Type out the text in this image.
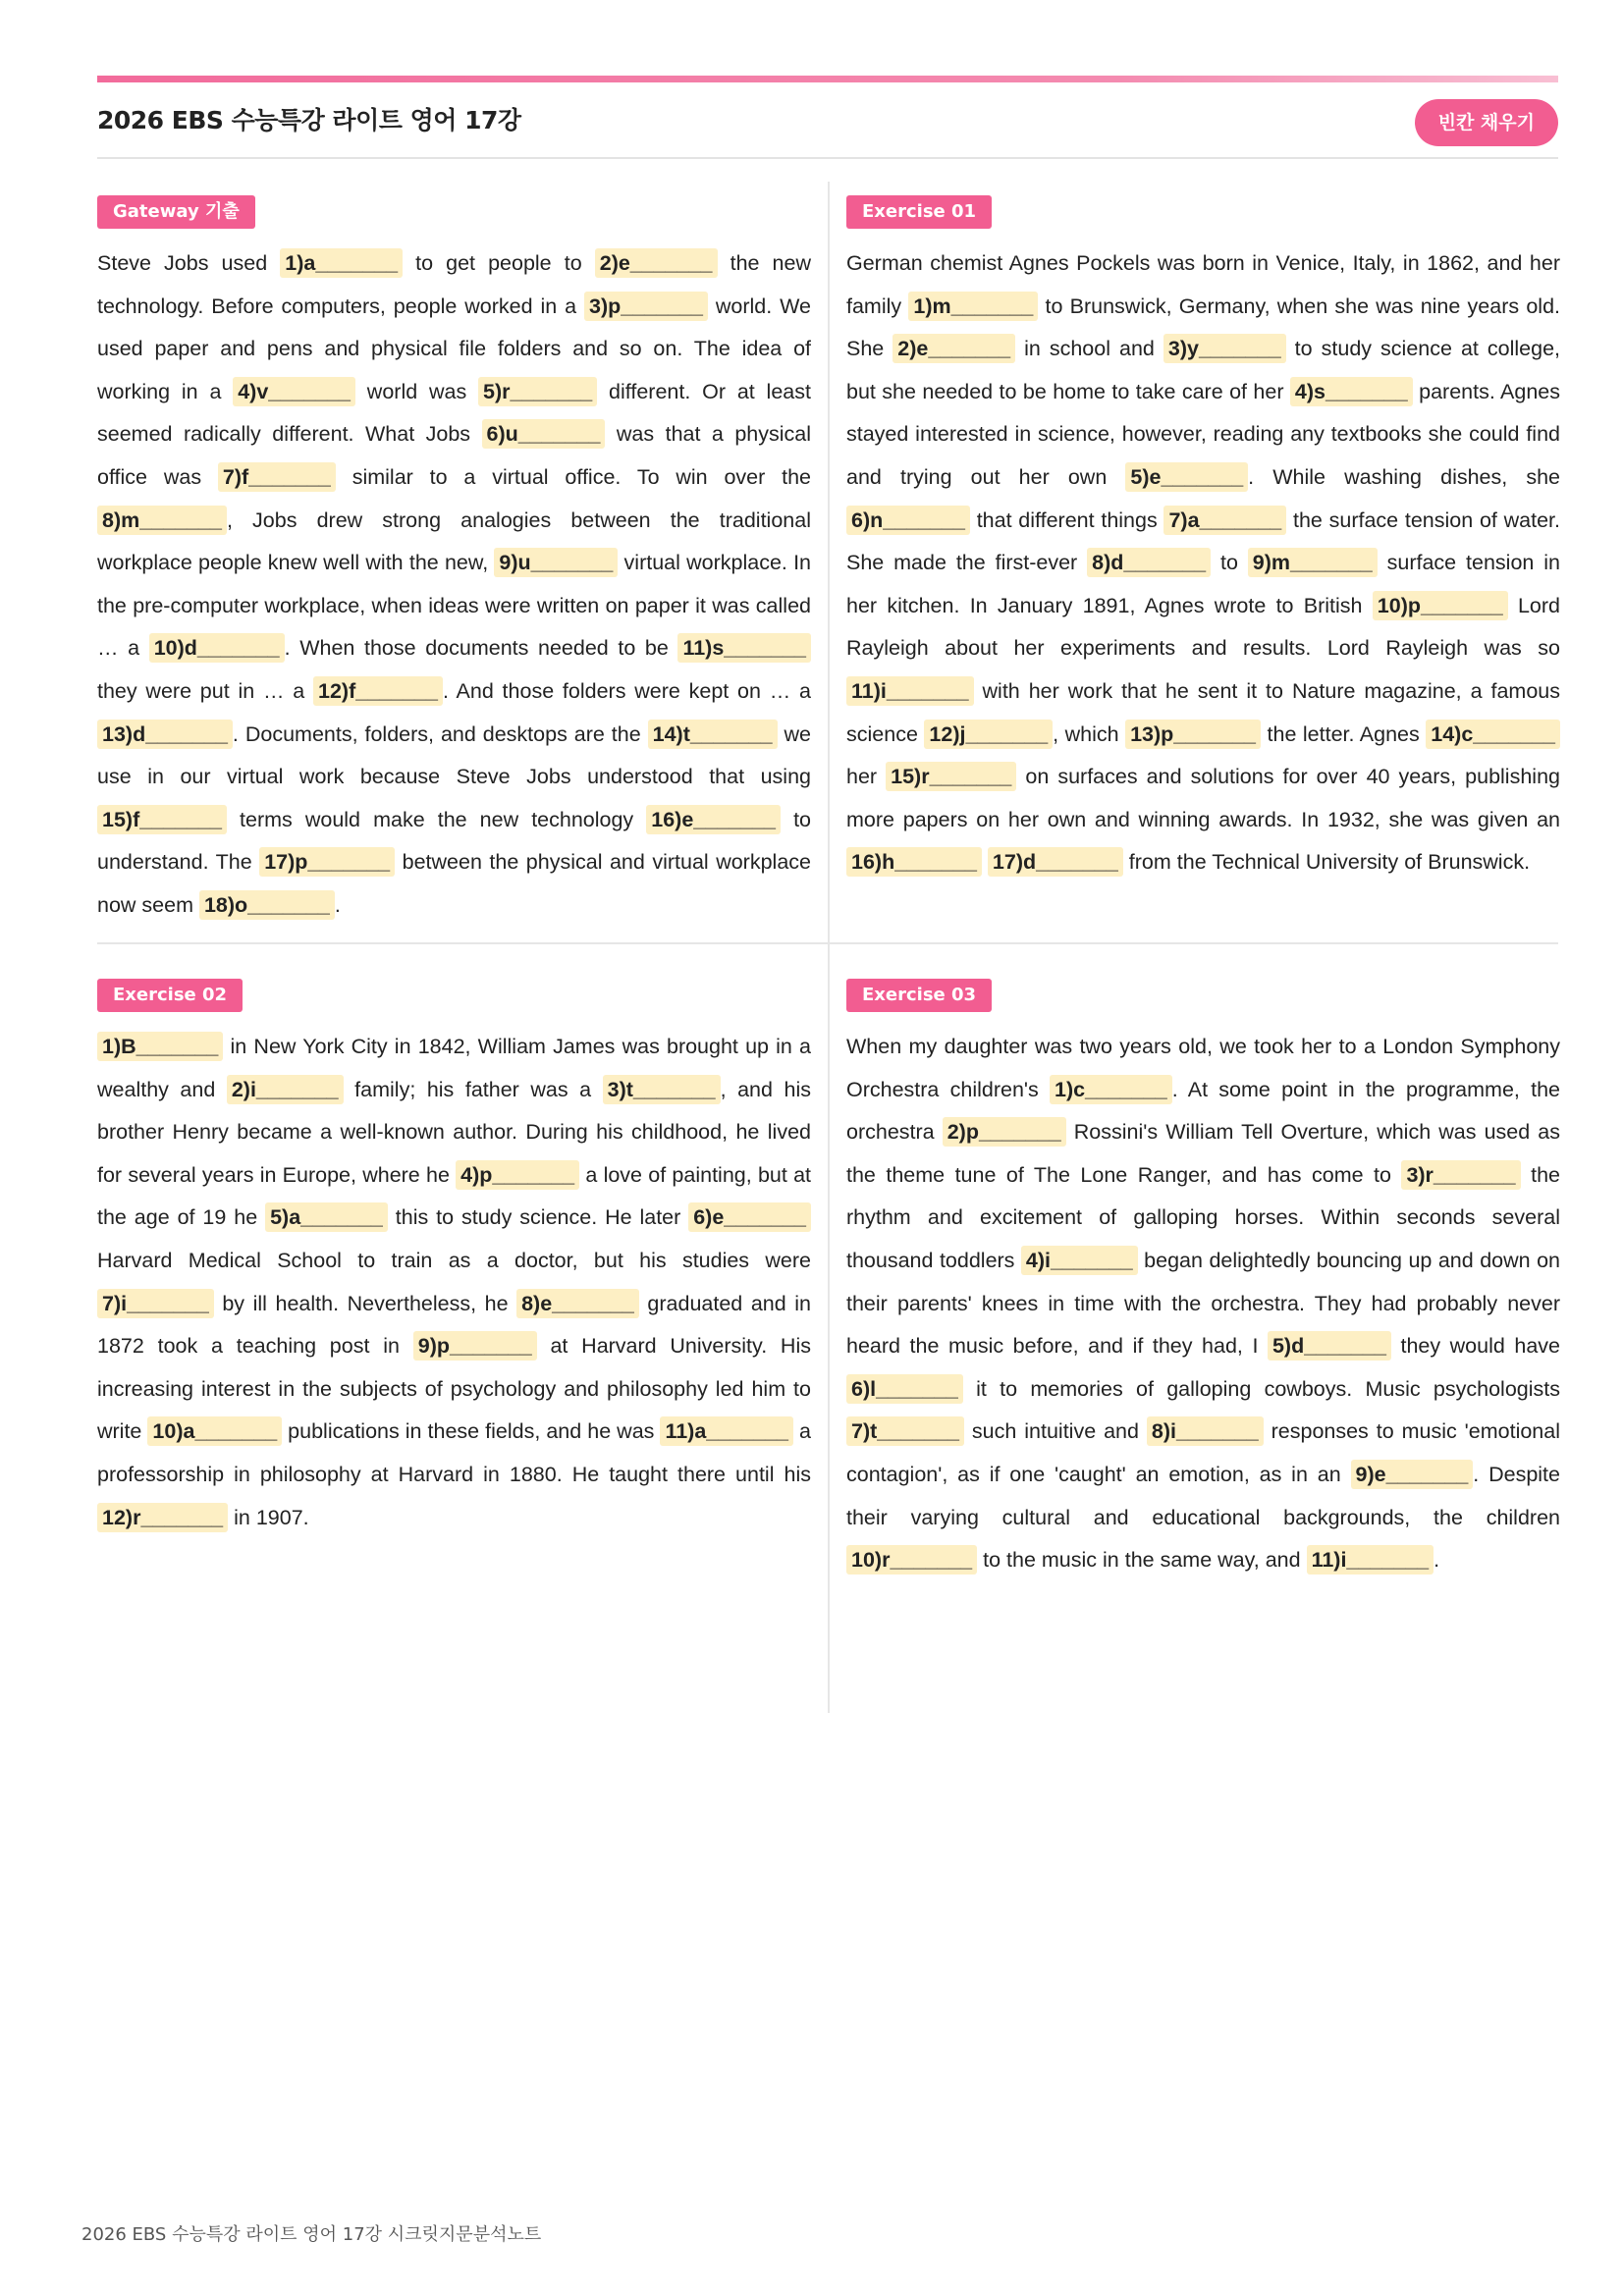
2026 EBS 수능특강 라이트 영어 17강	빈칸 채우기
Gateway 기출

Steve Jobs used 1)a_______ to get people to 2)e_______ the new technology. Before computers, people worked in a 3)p_______ world. We used paper and pens and physical file folders and so on. The idea of working in a 4)v_______ world was 5)r_______ different. Or at least seemed radically different. What Jobs 6)u_______ was that a physical office was 7)f_______ similar to a virtual office. To win over the 8)m_______ , Jobs drew strong analogies between the traditional workplace people knew well with the new, 9)u_______ virtual workplace. In the pre-computer workplace, when ideas were written on paper it was called … a 10)d_______ . When those documents needed to be 11)s_______ they were put in … a 12)f_______ . And those folders were kept on … a 13)d_______ . Documents, folders, and desktops are the 14)t_______ we use in our virtual work because Steve Jobs understood that using 15)f_______ terms would make the new technology 16)e_______ to understand. The 17)p_______ between the physical and virtual workplace now seem 18)o_______ .

Exercise 01

German chemist Agnes Pockels was born in Venice, Italy, in 1862, and her family 1)m_______ to Brunswick, Germany, when she was nine years old. She 2)e_______ in school and 3)y_______ to study science at college, but she needed to be home to take care of her 4)s_______ parents. Agnes stayed interested in science, however, reading any textbooks she could find and trying out her own 5)e_______ . While washing dishes, she 6)n_______ that different things 7)a_______ the surface tension of water. She made the first-ever 8)d_______ to 9)m_______ surface tension in her kitchen. In January 1891, Agnes wrote to British 10)p_______ Lord Rayleigh about her experiments and results. Lord Rayleigh was so 11)i_______ with her work that he sent it to Nature magazine, a famous science 12)j_______ , which 13)p_______ the letter. Agnes 14)c_______ her 15)r_______ on surfaces and solutions for over 40 years, publishing more papers on her own and winning awards. In 1932, she was given an 16)h_______ 17)d_______ from the Technical University of Brunswick.

Exercise 02

1)B_______ in New York City in 1842, William James was brought up in a wealthy and 2)i_______ family; his father was a 3)t_______ , and his brother Henry became a well-known author. During his childhood, he lived for several years in Europe, where he 4)p_______ a love of painting, but at the age of 19 he 5)a_______ this to study science. He later 6)e_______ Harvard Medical School to train as a doctor, but his studies were 7)i_______ by ill health. Nevertheless, he 8)e_______ graduated and in 1872 took a teaching post in 9)p_______ at Harvard University. His increasing interest in the subjects of psychology and philosophy led him to write 10)a_______ publications in these fields, and he was 11)a_______ a professorship in philosophy at Harvard in 1880. He taught there until his 12)r_______ in 1907.

Exercise 03

When my daughter was two years old, we took her to a London Symphony Orchestra children's 1)c_______ . At some point in the programme, the orchestra 2)p_______ Rossini's William Tell Overture, which was used as the theme tune of The Lone Ranger, and has come to 3)r_______ the rhythm and excitement of galloping horses. Within seconds several thousand toddlers 4)i_______ began delightedly bouncing up and down on their parents' knees in time with the orchestra. They had probably never heard the music before, and if they had, I 5)d_______ they would have 6)l_______ it to memories of galloping cowboys. Music psychologists 7)t_______ such intuitive and 8)i_______ responses to music 'emotional contagion', as if one 'caught' an emotion, as in an 9)e_______ . Despite their varying cultural and educational backgrounds, the children 10)r_______ to the music in the same way, and 11)i_______ .

2026 EBS 수능특강 라이트 영어 17강 시크릿지문분석노트
